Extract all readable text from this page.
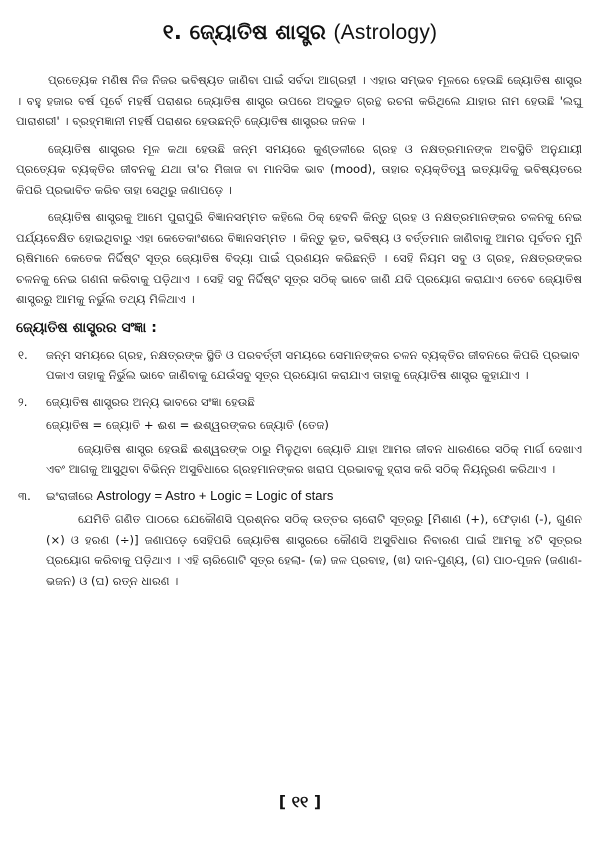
୧. ଜ୍ୟୋତିଷ ଶାସ୍ତ୍ର (Astrology)

ପ୍ରତ୍ୟେକ ମଣିଷ ନିଜ ନିଜର ଭବିଷ୍ୟତ ଜାଣିବା ପାଇଁ ସର୍ବଦା ଆଗ୍ରହୀ । ଏହାର ସମ୍ଭବ ମୂଳରେ ହେଉଛି ଜ୍ୟୋତିଷ ଶାସ୍ତ୍ର । ବହୁ ହଜାର ବର୍ଷ ପୂର୍ବେ ମହର୍ଷି ପରାଶର ଜ୍ୟୋତିଷ ଶାସ୍ତ୍ର ଉପରେ ଅଦ୍ଭୁତ ଗ୍ରନ୍ଥ ରଚନା କରିଥିଲେ ଯାହାର ନାମ ହେଉଛି 'ଲଘୁ ପାରାଶରୀ' । ବ୍ରହ୍ମଜ୍ଞାନୀ ମହର୍ଷି ପରାଶର ହେଉଛନ୍ତି ଜ୍ୟୋତିଷ ଶାସ୍ତ୍ରର ଜନକ ।

ଜ୍ୟୋତିଷ ଶାସ୍ତ୍ରର ମୂଳ କଥା ହେଉଛି ଜନ୍ମ ସମୟରେ କୁଣ୍ଡଳୀରେ ଗ୍ରହ ଓ ନକ୍ଷତ୍ରମାନଙ୍କ ଅବସ୍ଥିତି ଅନୁଯାୟୀ ପ୍ରତ୍ୟେକ ବ୍ୟକ୍ତିର ଜୀବନକୁ ଯଥା ତା'ର ମିଜାଜ ବା ମାନସିକ ଭାବ (mood), ତାହାର ବ୍ୟକ୍ତିତ୍ୱ ଇତ୍ୟାଦିକୁ ଭବିଷ୍ୟତରେ କିପରି ପ୍ରଭାବିତ କରିବ ତାହା ସେଥିରୁ ଜଣାପଡ଼େ ।

ଜ୍ୟୋତିଷ ଶାସ୍ତ୍ରକୁ ଆମେ ପୁରାପୁରି ବିଜ୍ଞାନସମ୍ମତ କହିଲେ ଠିକ୍ ହେବନି କିନ୍ତୁ ଗ୍ରହ ଓ ନକ୍ଷତ୍ରମାନଙ୍କର ଚଳନକୁ ନେଇ ପର୍ଯ୍ୟବେକ୍ଷିତ ହୋଇଥିବାରୁ ଏହା କେତେକାଂଶରେ ବିଜ୍ଞାନସମ୍ମତ । କିନ୍ତୁ ଭୂତ, ଭବିଷ୍ୟ ଓ ବର୍ତ୍ତମାନ ଜାଣିବାକୁ ଆମର ପୂର୍ବତନ ମୁନି ଋଷିମାନେ କେତେକ ନିର୍ଦ୍ଦିଷ୍ଟ ସୂତ୍ର ଜ୍ୟୋତିଷ ବିଦ୍ୟା ପାଇଁ ପ୍ରଣୟନ କରିଛନ୍ତି । ସେହି ନିୟମ ସବୁ ଓ ଗ୍ରହ, ନକ୍ଷତ୍ରଙ୍କର ଚଳନକୁ ନେଇ ଗଣନା କରିବାକୁ ପଡ଼ିଥାଏ । ସେହି ସବୁ ନିର୍ଦ୍ଦିଷ୍ଟ ସୂତ୍ର ସଠିକ୍ ଭାବେ ଜାଣି ଯଦି ପ୍ରୟୋଗ କରାଯାଏ ତେବେ ଜ୍ୟୋତିଷ ଶାସ୍ତ୍ରରୁ ଆମକୁ ନର୍ଭୁଲ ତଥ୍ୟ ମିଳିଥାଏ ।

ଜ୍ୟୋତିଷ ଶାସ୍ତ୍ରର ସଂଜ୍ଞା :
୧.	ଜନ୍ମ ସମୟରେ ଗ୍ରହ, ନକ୍ଷତ୍ରଙ୍କ ସ୍ଥିତି ଓ ପରବର୍ତ୍ତୀ ସମୟରେ ସେମାନଙ୍କର ଚଳନ ବ୍ୟକ୍ତିର ଜୀବନରେ କିପରି ପ୍ରଭାବ ପକାଏ ତାହାକୁ ନିର୍ଭୁଲ ଭାବେ ଜାଣିବାକୁ ଯେଉଁସବୁ ସୂତ୍ର ପ୍ରୟୋଗ କରାଯାଏ ତାହାକୁ ଜ୍ୟୋତିଷ ଶାସ୍ତ୍ର କୁହାଯାଏ ।
୨.	ଜ୍ୟୋତିଷ ଶାସ୍ତ୍ରର ଅନ୍ୟ ଭାବରେ ସଂଜ୍ଞା ହେଉଛି
ଜ୍ୟୋତିଷ = ଜ୍ୟୋତି + ଈଶ = ଈଶ୍ୱରଙ୍କର ଜ୍ୟୋତି (ତେଜ)
ଜ୍ୟୋତିଷ ଶାସ୍ତ୍ର ହେଉଛି ଈଶ୍ୱରଙ୍କ ଠାରୁ ମିଳୁଥିବା ଜ୍ୟୋତି ଯାହା ଆମର ଜୀବନ ଧାରଣରେ ସଠିକ୍ ମାର୍ଗ ଦେଖାଏ ଏବଂ ଆଗକୁ ଆସୁଥିବା ବିଭିନ୍ନ ଅସୁବିଧାରେ ଗ୍ରହମାନଙ୍କର ଖରାପ ପ୍ରଭାବକୁ ହ୍ରାସ କରି ସଠିକ୍ ନିୟନ୍ତ୍ରଣ କରିଥାଏ ।
୩.	ଇଂରାଜୀରେ Astrology = Astro + Logic = Logic of stars
ଯେମିତି ଗଣିତ ପାଠରେ ଯେକୌଣସି ପ୍ରଶ୍ନର ସଠିକ୍ ଉତ୍ତର ଚାରୋଟି ସୂତ୍ରରୁ [ମିଶାଣ (+), ଫେଡ଼ାଣ (-), ଗୁଣନ (×) ଓ ହରଣ (÷)] ଜଣାପଡ଼େ ସେହିପରି ଜ୍ୟୋତିଷ ଶାସ୍ତ୍ରରେ କୌଣସି ଅସୁବିଧାର ନିବାରଣ ପାଇଁ ଆମକୁ ୪ଟି ସୂତ୍ରର ପ୍ରୟୋଗ କରିବାକୁ ପଡ଼ିଥାଏ । ଏହି ଚାରିଗୋଟି ସୂତ୍ର ହେଲା- (କ) ଜଳ ପ୍ରବାହ, (ଖ) ଦାନ-ପୁଣ୍ୟ, (ଗ) ପାଠ-ପୂଜନ (ଜଣାଣ-ଭଜନ) ଓ (ଘ) ରତ୍ନ ଧାରଣ ।
[ ୧୧ ]
